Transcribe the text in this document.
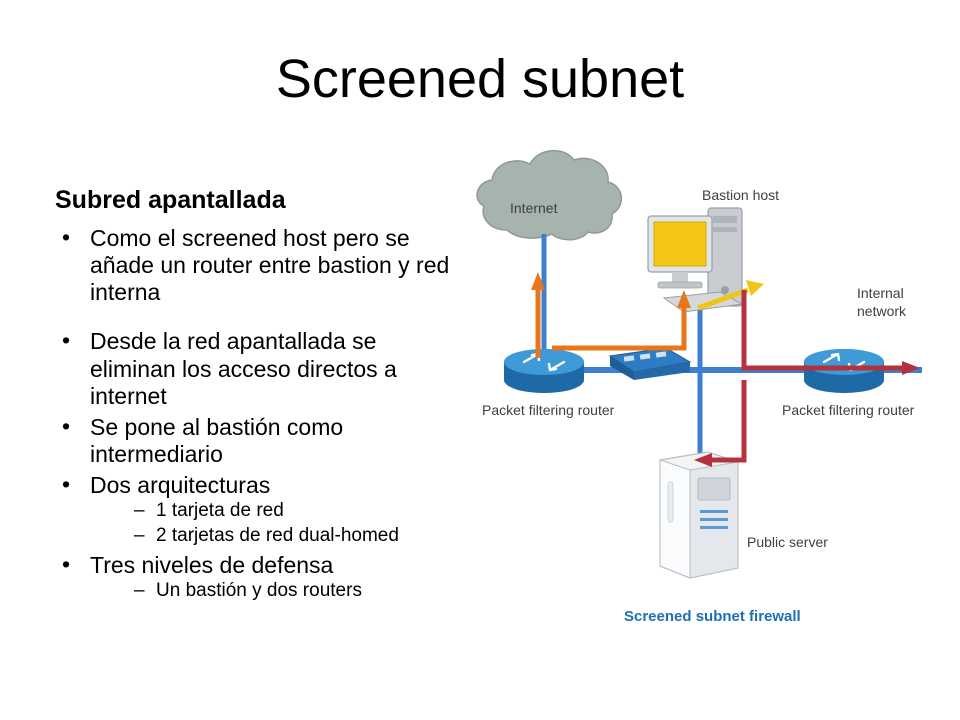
Screened subnet
Subred apantallada
• Como el screened host pero se añade un router entre bastion y red interna
• Desde la red apantallada se eliminan los acceso directos a internet
• Se pone al bastión como intermediario
• Dos arquitecturas
– 1 tarjeta de red
– 2 tarjetas de red dual-homed
• Tres niveles de defensa
– Un bastión y dos routers
Internet
Bastion host
Internal
network
Packet filtering router	Packet filtering router
Public server
Screened subnet firewall
